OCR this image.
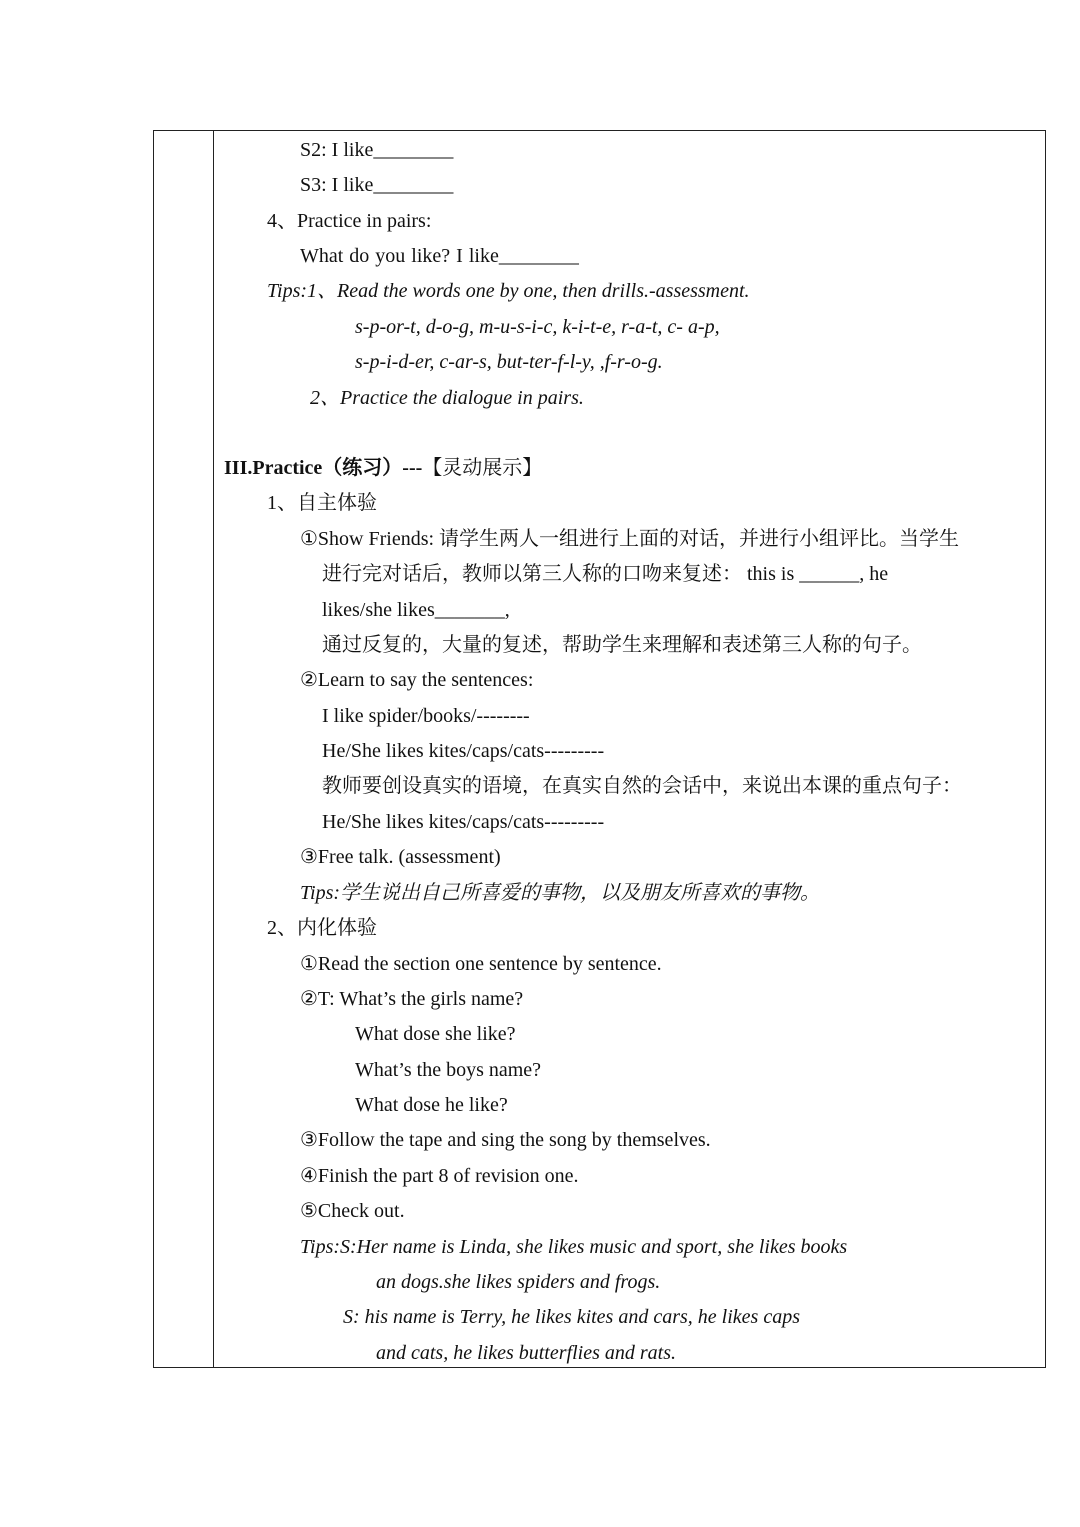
S2: I like________
S3: I like________
4、Practice in pairs:
What do you like? I like________
Tips:1、Read the words one by one, then drills.-assessment.
s-p-or-t, d-o-g, m-u-s-i-c, k-i-t-e, r-a-t, c- a-p,
s-p-i-d-er, c-ar-s, but-ter-f-l-y, ,f-r-o-g.
2、Practice the dialogue in pairs.
III.Practice（练习）---【灵动展示】
1、自主体验
①Show Friends: 请学生两人一组进行上面的对话，并进行小组评比。当学生
进行完对话后，教师以第三人称的口吻来复述： this is ______, he
likes/she likes_______,
通过反复的，大量的复述，帮助学生来理解和表述第三人称的句子。
②Learn to say the sentences:
I like spider/books/--------
He/She likes kites/caps/cats---------
教师要创设真实的语境，在真实自然的会话中，来说出本课的重点句子：
He/She likes kites/caps/cats---------
③Free talk. (assessment)
Tips:学生说出自己所喜爱的事物，以及朋友所喜欢的事物。
2、内化体验
①Read the section one sentence by sentence.
②T: What’s the girls name?
What dose she like?
What’s the boys name?
What dose he like?
③Follow the tape and sing the song by themselves.
④Finish the part 8 of revision one.
⑤Check out.
Tips:S:Her name is Linda, she likes music and sport, she likes books
an dogs.she likes spiders and frogs.
S: his name is Terry, he likes kites and cars, he likes caps
and cats, he likes butterflies and rats.
